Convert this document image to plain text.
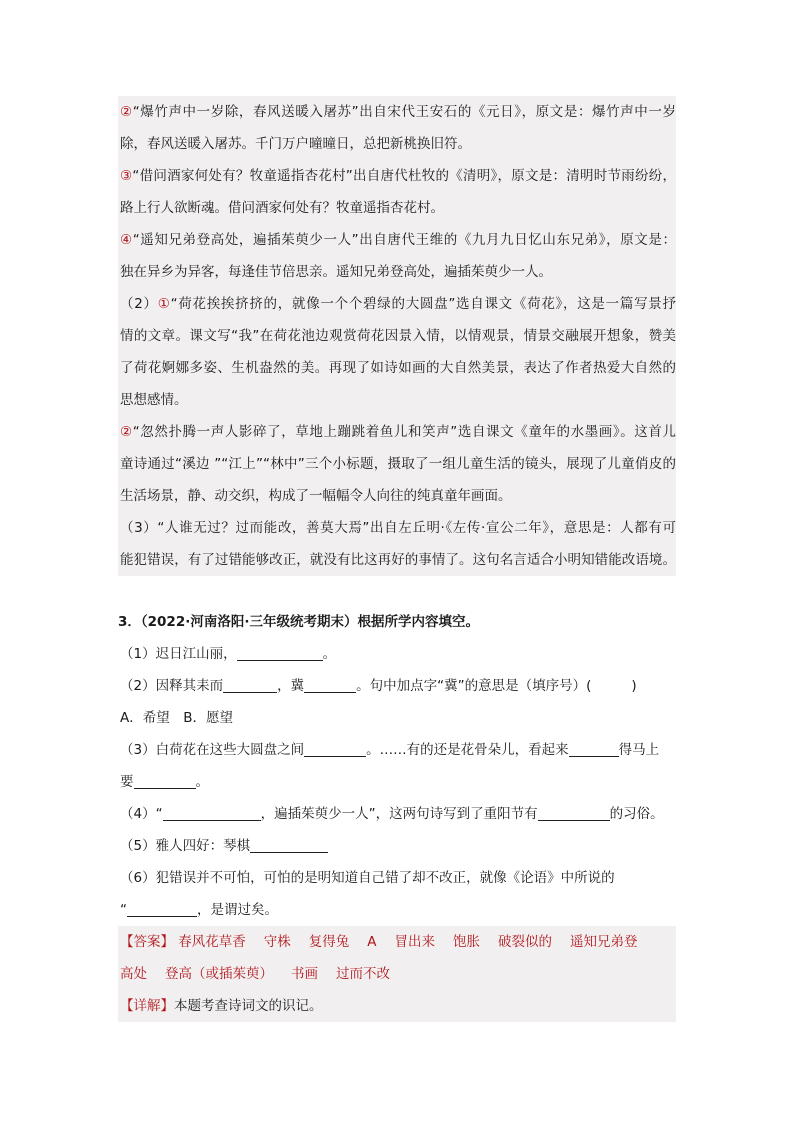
②“爆竹声中一岁除，春风送暖入屠苏”出自宋代王安石的《元日》，原文是：爆竹声中一岁
除，春风送暖入屠苏。千门万户曈曈日，总把新桃换旧符。
③“借问酒家何处有？牧童遥指杏花村”出自唐代杜牧的《清明》，原文是：清明时节雨纷纷，
路上行人欲断魂。借问酒家何处有？牧童遥指杏花村。
④“遥知兄弟登高处，遍插茱萸少一人”出自唐代王维的《九月九日忆山东兄弟》，原文是：
独在异乡为异客，每逢佳节倍思亲。遥知兄弟登高处，遍插茱萸少一人。
（2）①“荷花挨挨挤挤的，就像一个个碧绿的大圆盘”选自课文《荷花》，这是一篇写景抒
情的文章。课文写“我”在荷花池边观赏荷花因景入情，以情观景，情景交融展开想象，赞美
了荷花婀娜多姿、生机盎然的美。再现了如诗如画的大自然美景，表达了作者热爱大自然的
思想感情。
②“忽然扑腾一声人影碎了，草地上蹦跳着鱼儿和笑声”选自课文《童年的水墨画》。这首儿
童诗通过“溪边 ”“江上”“林中”三个小标题，摄取了一组儿童生活的镜头，展现了儿童俏皮的
生活场景，静、动交织，构成了一幅幅令人向往的纯真童年画面。
（3）“人谁无过？过而能改，善莫大焉”出自左丘明·《左传·宣公二年》，意思是：人都有可
能犯错误，有了过错能够改正，就没有比这再好的事情了。这句名言适合小明知错能改语境。
3．（2022·河南洛阳·三年级统考期末）根据所学内容填空。
（1）迟日江山丽，	。
（2）因释其耒而	，冀	。句中加点字“冀”的意思是（填序号）(	)
A．希望　B．愿望
（3）白荷花在这些大圆盘之间	。……有的还是花骨朵儿，看起来	得马上
要	。
（4）“	，遍插茱萸少一人”，这两句诗写到了重阳节有	的习俗。
（5）雅人四好：琴棋
（6）犯错误并不可怕，可怕的是明知道自己错了却不改正，就像《论语》中所说的
“	，是谓过矣。
【答案】 春风花草香 守株 复得兔 A 冒出来 饱胀 破裂似的 遥知兄弟登
高处 登高（或插茱萸） 书画 过而不改
【详解】本题考查诗词文的识记。
